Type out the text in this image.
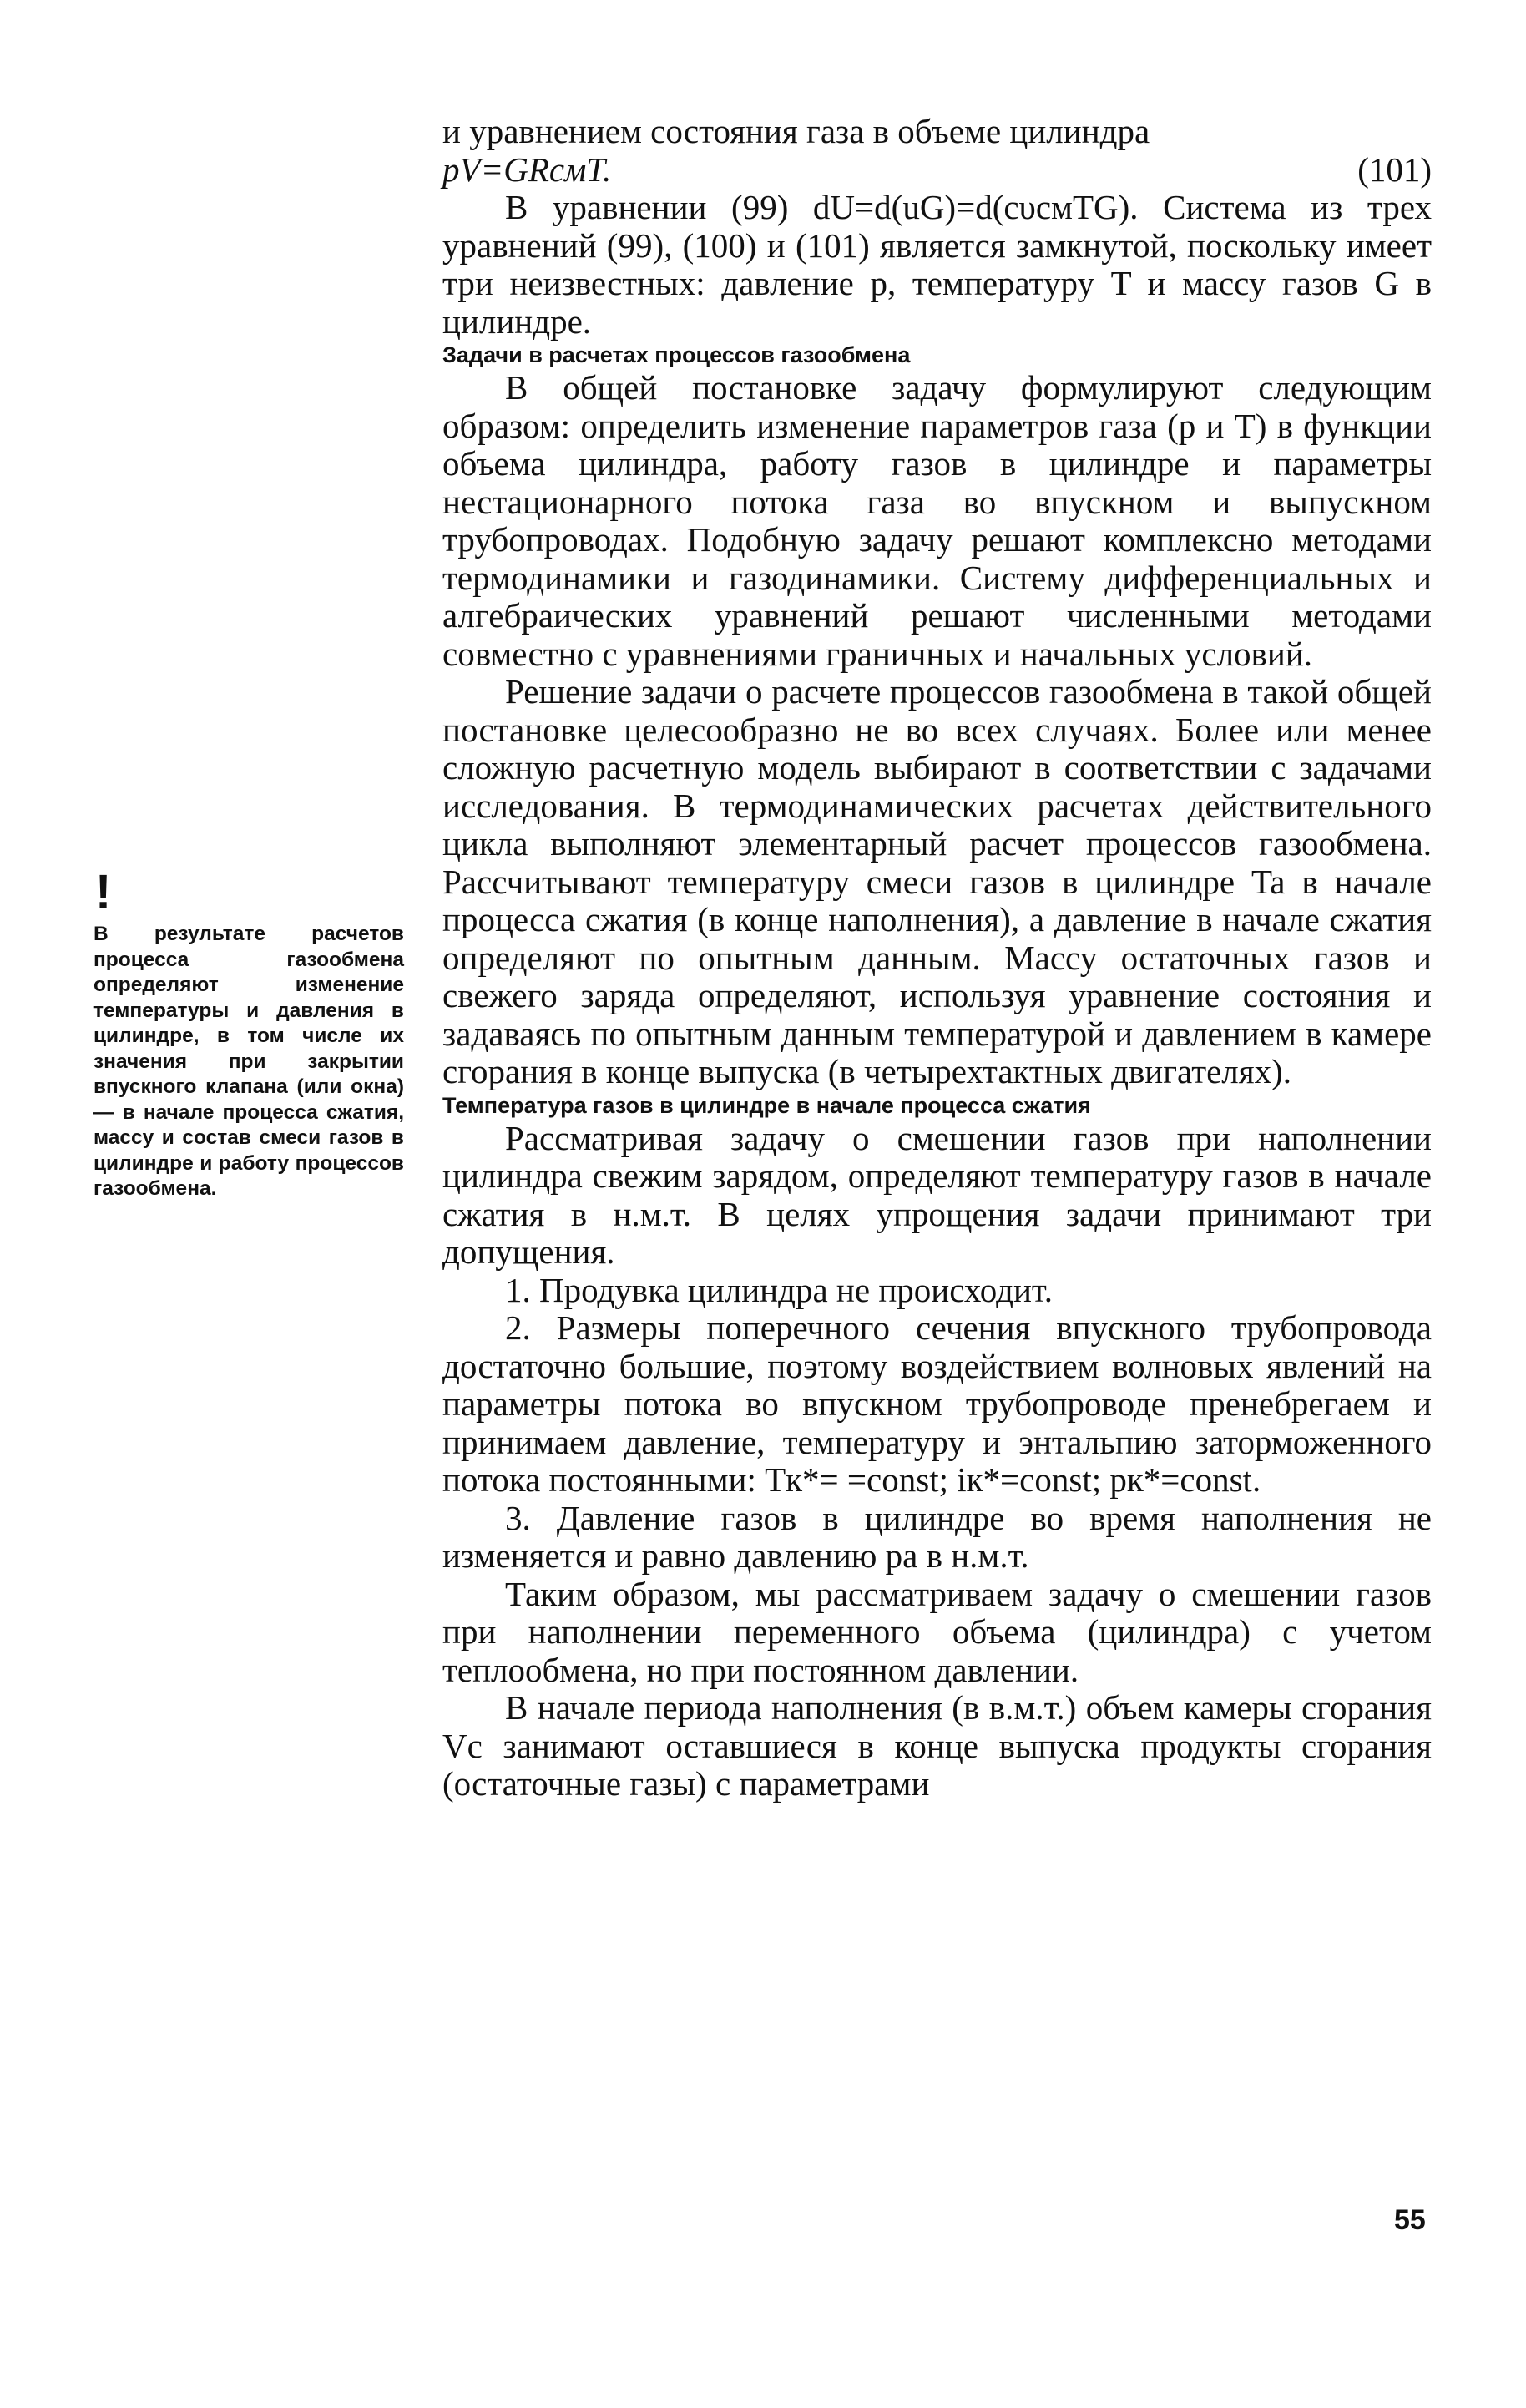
!

В результате расчетов процесса газообмена определяют изменение температуры и давления в цилиндре, в том числе их значения при закрытии впускного клапана (или окна) — в начале процесса сжатия, массу и состав смеси газов в цилиндре и работу процессов газообмена.

и уравнением состояния газа в объеме цилиндра

pV=GRсмT.	(101)

В уравнении (99) dU=d(uG)=d(cυсмTG). Система из трех уравнений (99), (100) и (101) является замкнутой, поскольку имеет три неизвестных: давление p, температуру T и массу газов G в цилиндре.

Задачи в расчетах процессов газообмена

В общей постановке задачу формулируют следующим образом: определить изменение параметров газа (p и T) в функции объема цилиндра, работу газов в цилиндре и параметры нестационарного потока газа во впускном и выпускном трубопроводах. Подобную задачу решают комплексно методами термодинамики и газодинамики. Систему дифференциальных и алгебраических уравнений решают численными методами совместно с уравнениями граничных и начальных условий.

Решение задачи о расчете процессов газообмена в такой общей постановке целесообразно не во всех случаях. Более или менее сложную расчетную модель выбирают в соответствии с задачами исследования. В термодинамических расчетах действительного цикла выполняют элементарный расчет процессов газообмена. Рассчитывают температуру смеси газов в цилиндре Ta в начале процесса сжатия (в конце наполнения), а давление в начале сжатия определяют по опытным данным. Массу остаточных газов и свежего заряда определяют, используя уравнение состояния и задаваясь по опытным данным температурой и давлением в камере сгорания в конце выпуска (в четырехтактных двигателях).

Температура газов в цилиндре в начале процесса сжатия

Рассматривая задачу о смешении газов при наполнении цилиндра свежим зарядом, определяют температуру газов в начале сжатия в н.м.т. В целях упрощения задачи принимают три допущения.

1. Продувка цилиндра не происходит.

2. Размеры поперечного сечения впускного трубопровода достаточно большие, поэтому воздействием волновых явлений на параметры потока во впускном трубопроводе пренебрегаем и принимаем давление, температуру и энтальпию заторможенного потока постоянными: Tк*= =const; iк*=const; pк*=const.

3. Давление газов в цилиндре во время наполнения не изменяется и равно давлению pa в н.м.т.

Таким образом, мы рассматриваем задачу о смешении газов при наполнении переменного объема (цилиндра) с учетом теплообмена, но при постоянном давлении.

В начале периода наполнения (в в.м.т.) объем камеры сгорания Vc занимают оставшиеся в конце выпуска продукты сгорания (остаточные газы) с параметрами

55
